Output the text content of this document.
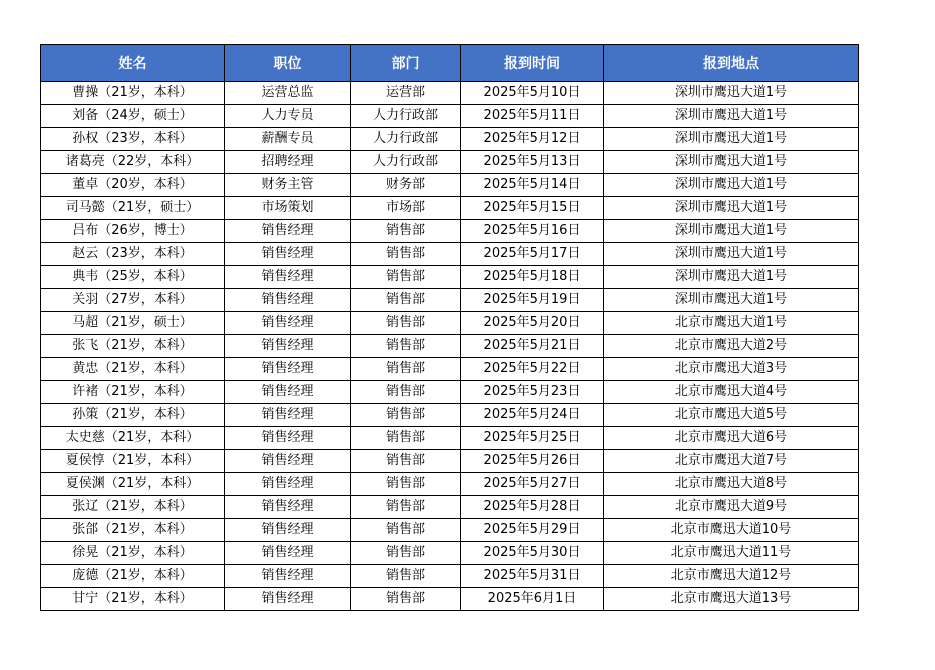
姓名	职位	部门	报到时间	报到地点
曹操（21岁，本科）	运营总监	运营部	2025年5月10日	深圳市鹰迅大道1号
刘备（24岁，硕士）	人力专员	人力行政部	2025年5月11日	深圳市鹰迅大道1号
孙权（23岁，本科）	薪酬专员	人力行政部	2025年5月12日	深圳市鹰迅大道1号
诸葛亮（22岁，本科）	招聘经理	人力行政部	2025年5月13日	深圳市鹰迅大道1号
董卓（20岁，本科）	财务主管	财务部	2025年5月14日	深圳市鹰迅大道1号
司马懿（21岁，硕士）	市场策划	市场部	2025年5月15日	深圳市鹰迅大道1号
吕布（26岁，博士）	销售经理	销售部	2025年5月16日	深圳市鹰迅大道1号
赵云（23岁，本科）	销售经理	销售部	2025年5月17日	深圳市鹰迅大道1号
典韦（25岁，本科）	销售经理	销售部	2025年5月18日	深圳市鹰迅大道1号
关羽（27岁，本科）	销售经理	销售部	2025年5月19日	深圳市鹰迅大道1号
马超（21岁，硕士）	销售经理	销售部	2025年5月20日	北京市鹰迅大道1号
张飞（21岁，本科）	销售经理	销售部	2025年5月21日	北京市鹰迅大道2号
黄忠（21岁，本科）	销售经理	销售部	2025年5月22日	北京市鹰迅大道3号
许褚（21岁，本科）	销售经理	销售部	2025年5月23日	北京市鹰迅大道4号
孙策（21岁，本科）	销售经理	销售部	2025年5月24日	北京市鹰迅大道5号
太史慈（21岁，本科）	销售经理	销售部	2025年5月25日	北京市鹰迅大道6号
夏侯惇（21岁，本科）	销售经理	销售部	2025年5月26日	北京市鹰迅大道7号
夏侯渊（21岁，本科）	销售经理	销售部	2025年5月27日	北京市鹰迅大道8号
张辽（21岁，本科）	销售经理	销售部	2025年5月28日	北京市鹰迅大道9号
张郃（21岁，本科）	销售经理	销售部	2025年5月29日	北京市鹰迅大道10号
徐晃（21岁，本科）	销售经理	销售部	2025年5月30日	北京市鹰迅大道11号
庞德（21岁，本科）	销售经理	销售部	2025年5月31日	北京市鹰迅大道12号
甘宁（21岁，本科）	销售经理	销售部	2025年6月1日	北京市鹰迅大道13号
